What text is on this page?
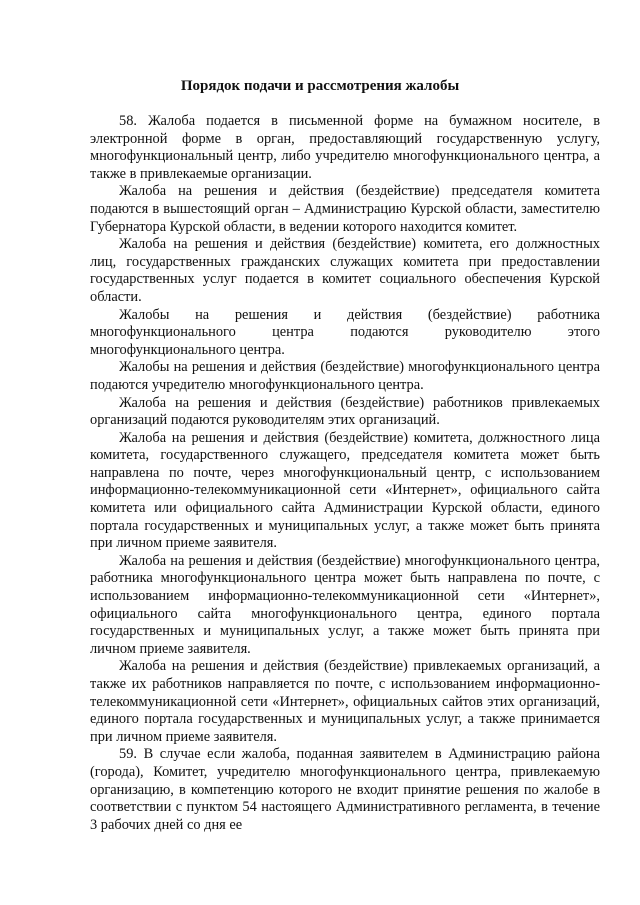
Порядок подачи и рассмотрения жалобы

58. Жалоба подается в письменной форме на бумажном носителе, в электронной форме в орган, предоставляющий государственную услугу, многофункциональный центр, либо учредителю многофункционального центра, а также в привлекаемые организации.

Жалоба на решения и действия (бездействие) председателя комитета подаются в вышестоящий орган – Администрацию Курской области, заместителю Губернатора Курской области, в ведении которого находится комитет.

Жалоба на решения и действия (бездействие) комитета, его должностных лиц, государственных гражданских служащих комитета при предоставлении государственных услуг подается в комитет социального обеспечения Курской области.

Жалобы на решения и действия (бездействие) работника многофункционального центра подаются руководителю этого многофункционального центра.

Жалобы на решения и действия (бездействие) многофункционального центра подаются учредителю многофункционального центра.

Жалоба на решения и действия (бездействие) работников привлекаемых организаций подаются руководителям этих организаций.

Жалоба на решения и действия (бездействие) комитета, должностного лица комитета, государственного служащего, председателя комитета может быть направлена по почте, через многофункциональный центр, с использованием информационно-телекоммуникационной сети «Интернет», официального сайта комитета или официального сайта Администрации Курской области, единого портала государственных и муниципальных услуг, а также может быть принята при личном приеме заявителя.

Жалоба на решения и действия (бездействие) многофункционального центра, работника многофункционального центра может быть направлена по почте, с использованием информационно-телекоммуникационной сети «Интернет», официального сайта многофункционального центра, единого портала государственных и муниципальных услуг, а также может быть принята при личном приеме заявителя.

Жалоба на решения и действия (бездействие) привлекаемых организаций, а также их работников направляется по почте, с использованием информационно-телекоммуникационной сети «Интернет», официальных сайтов этих организаций, единого портала государственных и муниципальных услуг, а также принимается при личном приеме заявителя.

59. В случае если жалоба, поданная заявителем в Администрацию района (города), Комитет, учредителю многофункционального центра, привлекаемую организацию, в компетенцию которого не входит принятие решения по жалобе в соответствии с пунктом 54 настоящего Административного регламента, в течение 3 рабочих дней со дня ее
